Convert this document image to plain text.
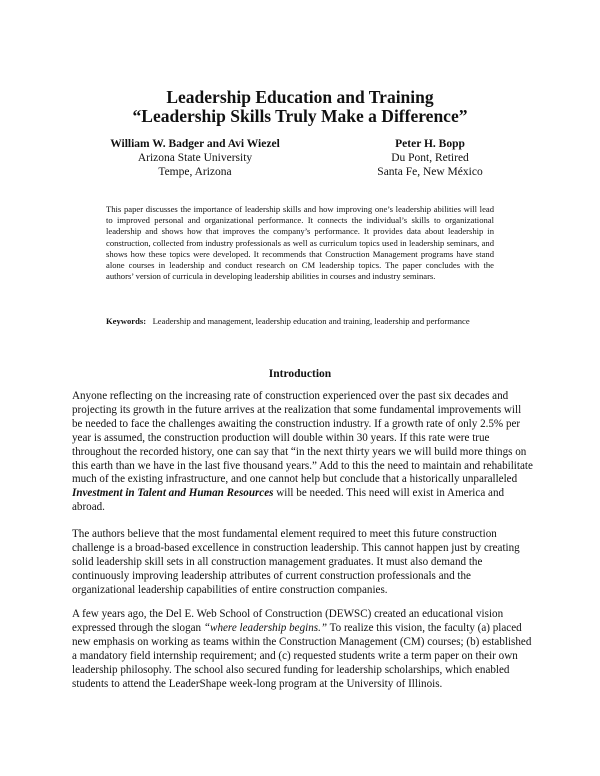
Leadership Education and Training
“Leadership Skills Truly Make a Difference”
William W. Badger and Avi Wiezel
Arizona State University
Tempe, Arizona
Peter H. Bopp
Du Pont, Retired
Santa Fe, New México

This paper discusses the importance of leadership skills and how improving one’s leadership abilities will lead to improved personal and organizational performance. It connects the individual’s skills to organizational leadership and shows how that improves the company’s performance. It provides data about leadership in construction, collected from industry professionals as well as curriculum topics used in leadership seminars, and shows how these topics were developed. It recommends that Construction Management programs have stand alone courses in leadership and conduct research on CM leadership topics. The paper concludes with the authors’ version of curricula in developing leadership abilities in courses and industry seminars.

Keywords: Leadership and management, leadership education and training, leadership and performance

Introduction

Anyone reflecting on the increasing rate of construction experienced over the past six decades and projecting its growth in the future arrives at the realization that some fundamental improvements will be needed to face the challenges awaiting the construction industry. If a growth rate of only 2.5% per year is assumed, the construction production will double within 30 years. If this rate were true throughout the recorded history, one can say that “in the next thirty years we will build more things on this earth than we have in the last five thousand years.” Add to this the need to maintain and rehabilitate much of the existing infrastructure, and one cannot help but conclude that a historically unparalleled Investment in Talent and Human Resources will be needed. This need will exist in America and abroad.

The authors believe that the most fundamental element required to meet this future construction challenge is a broad-based excellence in construction leadership. This cannot happen just by creating solid leadership skill sets in all construction management graduates. It must also demand the continuously improving leadership attributes of current construction professionals and the organizational leadership capabilities of entire construction companies.

A few years ago, the Del E. Web School of Construction (DEWSC) created an educational vision expressed through the slogan “where leadership begins.” To realize this vision, the faculty (a) placed new emphasis on working as teams within the Construction Management (CM) courses; (b) established a mandatory field internship requirement; and (c) requested students write a term paper on their own leadership philosophy. The school also secured funding for leadership scholarships, which enabled students to attend the LeaderShape week-long program at the University of Illinois.
